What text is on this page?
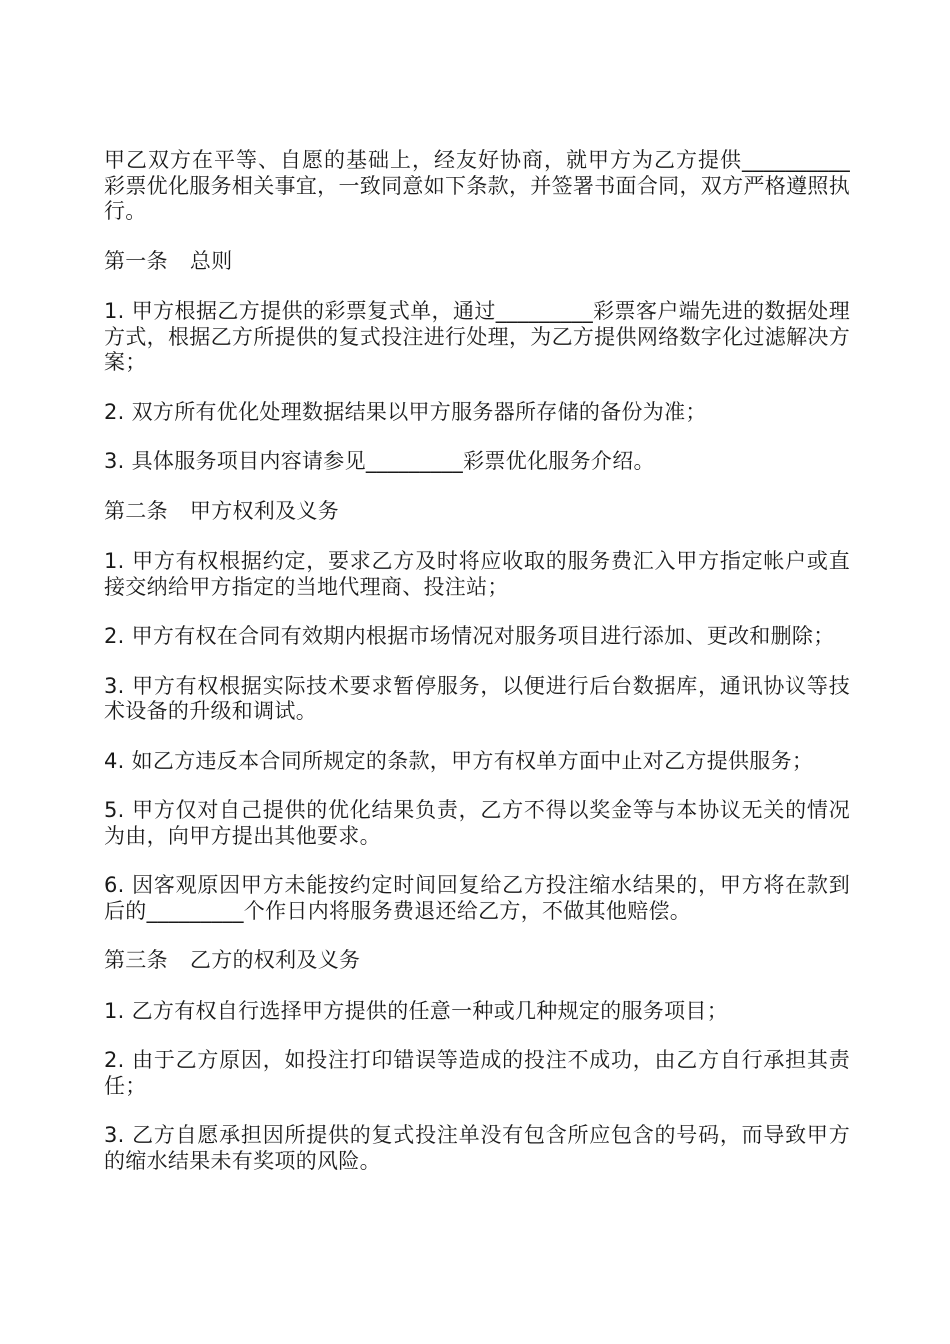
甲乙双方在平等、自愿的基础上，经友好协商，就甲方为乙方提供__________彩票优化服务相关事宜，一致同意如下条款，并签署书面合同，双方严格遵照执行。

第一条 总则

1. 甲方根据乙方提供的彩票复式单，通过_________彩票客户端先进的数据处理方式，根据乙方所提供的复式投注进行处理，为乙方提供网络数字化过滤解决方案；

2. 双方所有优化处理数据结果以甲方服务器所存储的备份为准；

3. 具体服务项目内容请参见_________彩票优化服务介绍。

第二条 甲方权利及义务

1. 甲方有权根据约定，要求乙方及时将应收取的服务费汇入甲方指定帐户或直接交纳给甲方指定的当地代理商、投注站；

2. 甲方有权在合同有效期内根据市场情况对服务项目进行添加、更改和删除；

3. 甲方有权根据实际技术要求暂停服务，以便进行后台数据库，通讯协议等技术设备的升级和调试。

4. 如乙方违反本合同所规定的条款，甲方有权单方面中止对乙方提供服务；

5. 甲方仅对自己提供的优化结果负责，乙方不得以奖金等与本协议无关的情况为由，向甲方提出其他要求。

6. 因客观原因甲方未能按约定时间回复给乙方投注缩水结果的，甲方将在款到后的_________个作日内将服务费退还给乙方，不做其他赔偿。

第三条 乙方的权利及义务

1. 乙方有权自行选择甲方提供的任意一种或几种规定的服务项目；

2. 由于乙方原因，如投注打印错误等造成的投注不成功，由乙方自行承担其责任；

3. 乙方自愿承担因所提供的复式投注单没有包含所应包含的号码，而导致甲方的缩水结果未有奖项的风险。
